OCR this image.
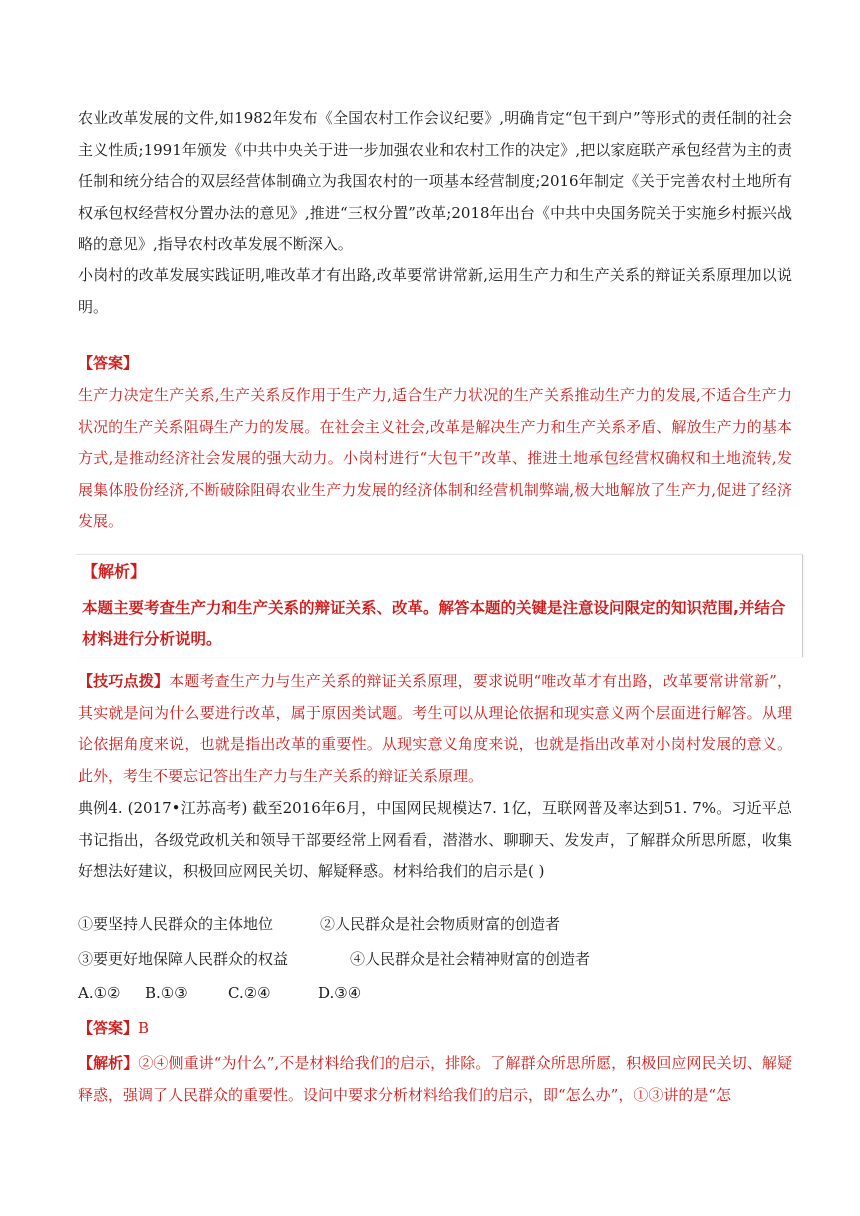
农业改革发展的文件,如1982年发布《全国农村工作会议纪要》,明确肯定“包干到户”等形式的责任制的社会主义性质;1991年颁发《中共中央关于进一步加强农业和农村工作的决定》,把以家庭联产承包经营为主的责任制和统分结合的双层经营体制确立为我国农村的一项基本经营制度;2016年制定《关于完善农村土地所有权承包权经营权分置办法的意见》,推进“三权分置”改革;2018年出台《中共中央国务院关于实施乡村振兴战略的意见》,指导农村改革发展不断深入。

小岗村的改革发展实践证明,唯改革才有出路,改革要常讲常新,运用生产力和生产关系的辩证关系原理加以说明。

【答案】

生产力决定生产关系,生产关系反作用于生产力,适合生产力状况的生产关系推动生产力的发展,不适合生产力状况的生产关系阻碍生产力的发展。在社会主义社会,改革是解决生产力和生产关系矛盾、解放生产力的基本方式,是推动经济社会发展的强大动力。小岗村进行“大包干”改革、推进土地承包经营权确权和土地流转,发展集体股份经济,不断破除阻碍农业生产力发展的经济体制和经营机制弊端,极大地解放了生产力,促进了经济发展。

【解析】
本题主要考查生产力和生产关系的辩证关系、改革。解答本题的关键是注意设问限定的知识范围,并结合材料进行分析说明。

【技巧点拨】本题考查生产力与生产关系的辩证关系原理，要求说明“唯改革才有出路，改革要常讲常新”，其实就是问为什么要进行改革，属于原因类试题。考生可以从理论依据和现实意义两个层面进行解答。从理论依据角度来说，也就是指出改革的重要性。从现实意义角度来说，也就是指出改革对小岗村发展的意义。此外，考生不要忘记答出生产力与生产关系的辩证关系原理。

典例4. (2017•江苏高考) 截至2016年6月，中国网民规模达7. 1亿，互联网普及率达到51. 7%。习近平总书记指出，各级党政机关和领导干部要经常上网看看，潜潜水、聊聊天、发发声，了解群众所思所愿，收集好想法好建议，积极回应网民关切、解疑释惑。材料给我们的启示是( )

①要坚持人民群众的主体地位	②人民群众是社会物质财富的创造者
③要更好地保障人民群众的权益	④人民群众是社会精神财富的创造者
A.①② B.①③	C.②④	D.③④

【答案】B

【解析】②④侧重讲“为什么”,不是材料给我们的启示，排除。了解群众所思所愿，积极回应网民关切、解疑释惑，强调了人民群众的重要性。设问中要求分析材料给我们的启示，即“怎么办”，①③讲的是“怎
